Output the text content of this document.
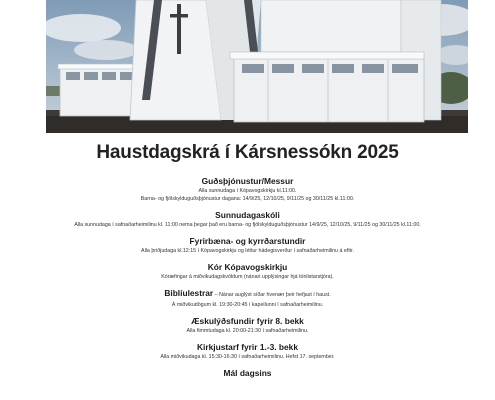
Haustdagskrá í Kársnessókn 2025
Guðsþjónustur/Messur
Alla sunnudaga í Kópavogskirkju kl.11:00.
Barna- og fjölskylduguðsþjónustur dagana: 14/9/25, 12/10/25, 9/11/25 og 30/11/25 kl.11:00.
Sunnudagaskóli
Alla sunnudaga í safnaðarheimilinu kl. 11:00 nema þegar það eru barna- og fjölskylduguðsþjónustur 14/9/25, 12/10/25, 9/11/25 og 30/11/25 kl.11:00.
Fyrirbæna- og kyrrðarstundir
Alla þriðjudaga kl.12:15 í Kópavogskirkju og léttur hádegisverður í safnaðarheimilinu á eftir.
Kór Kópavogskirkju
Kóræfingar á miðvikudagskvöldum (nánari upplýsingar hjá tónlistarstjóra).
Biblíulestrar – Nánar auglýst síðar hvenær þeir hefjast í haust.
Á miðvikudögum kl. 19:30-20:45 í kapellunni í safnaðarheimilinu.
Æskulýðsfundir fyrir 8. bekk
Alla fimmtudaga kl. 20:00-21:30 í safnaðarheimilinu.
Kirkjustarf fyrir 1.-3. bekk
Alla miðvikudaga kl. 15:30-16:30 í safnaðarheimilinu. Hefst 17. september.
Mál dagsins
